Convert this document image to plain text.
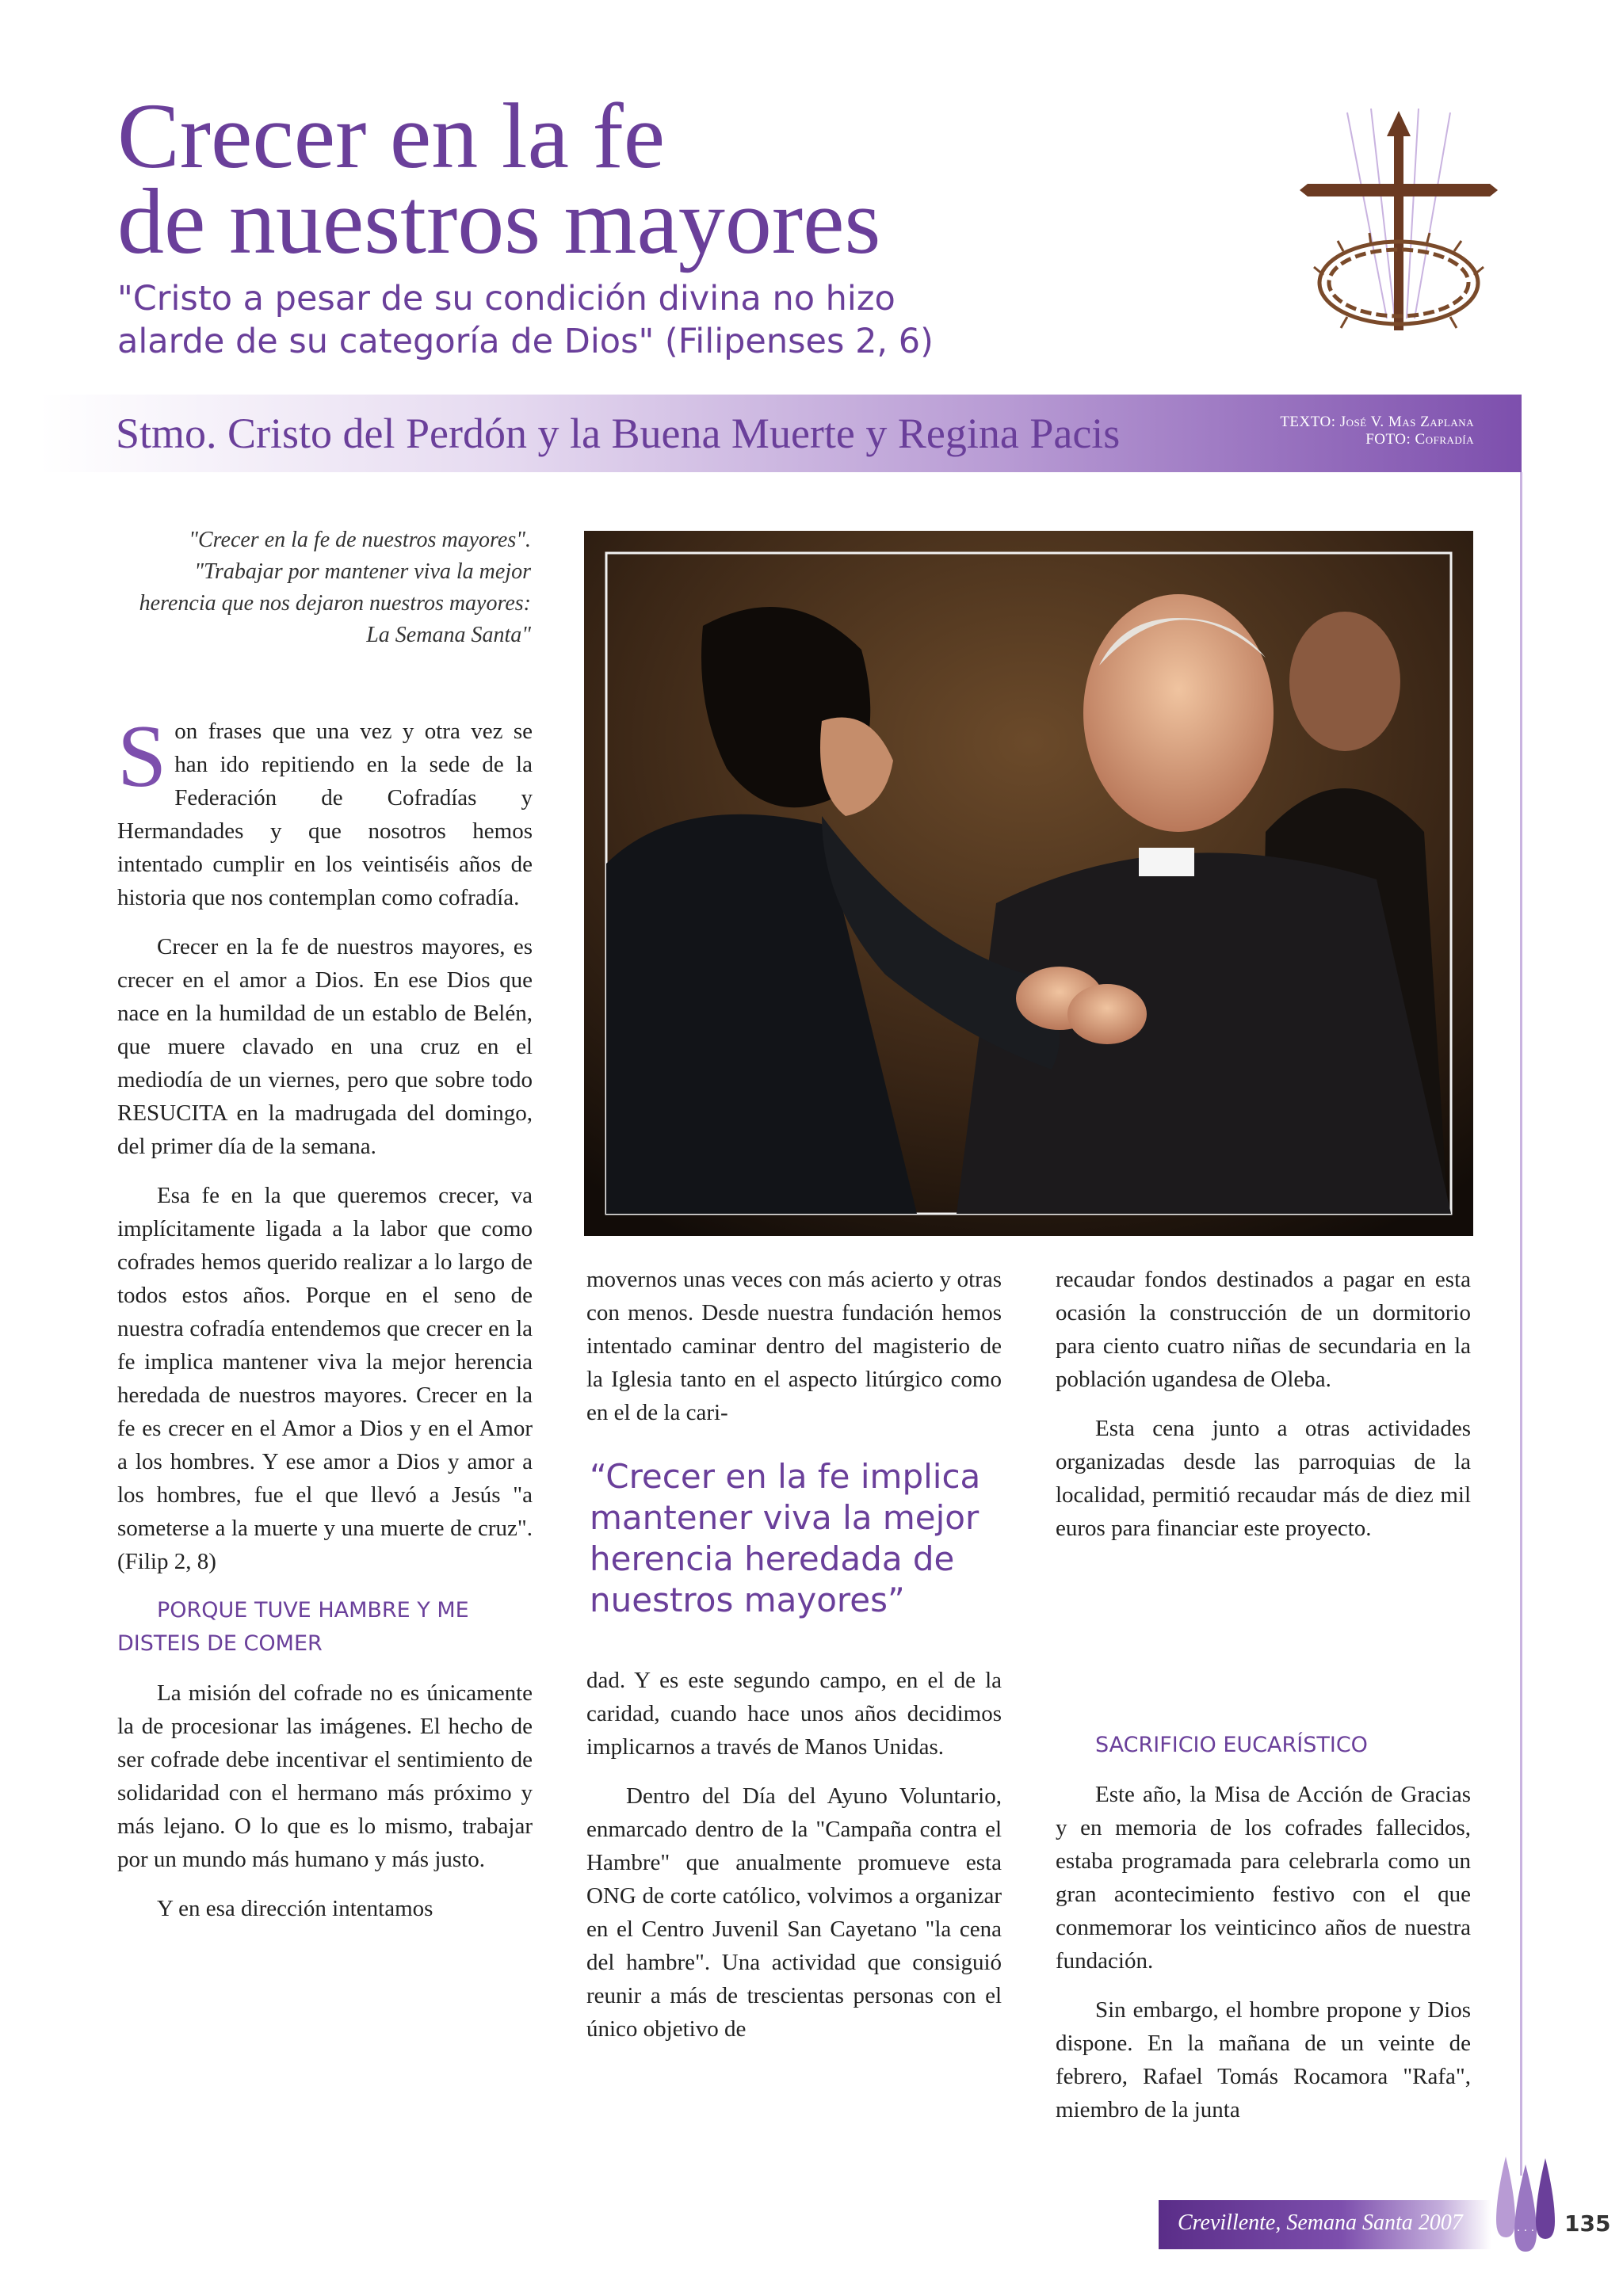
Crecer en la fe
de nuestros mayores
"Cristo a pesar de su condición divina no hizo
alarde de su categoría de Dios" (Filipenses 2, 6)
Stmo. Cristo del Perdón y la Buena Muerte y Regina Pacis	TEXTO: José V. Mas Zaplana
FOTO: Cofradía
"Crecer en la fe de nuestros mayores". "Trabajar por mantener viva la mejor herencia que nos dejaron nuestros mayores: La Semana Santa"

Son frases que una vez y otra vez se han ido repitiendo en la sede de la Federación de Cofradías y Hermandades y que nosotros hemos intentado cumplir en los veintiséis años de historia que nos contemplan como cofradía.

Crecer en la fe de nuestros mayores, es crecer en el amor a Dios. En ese Dios que nace en la humildad de un establo de Belén, que muere clavado en una cruz en el mediodía de un viernes, pero que sobre todo RESUCITA en la madrugada del domingo, del primer día de la semana.

Esa fe en la que queremos crecer, va implícitamente ligada a la labor que como cofrades hemos querido realizar a lo largo de todos estos años. Porque en el seno de nuestra cofradía entendemos que crecer en la fe implica mantener viva la mejor herencia heredada de nuestros mayores. Crecer en la fe es crecer en el Amor a Dios y en el Amor a los hombres. Y ese amor a Dios y amor a los hombres, fue el que llevó a Jesús "a someterse a la muerte y una muerte de cruz". (Filip 2, 8)

PORQUE TUVE HAMBRE Y ME DISTEIS DE COMER

La misión del cofrade no es únicamente la de procesionar las imágenes. El hecho de ser cofrade debe incentivar el sentimiento de solidaridad con el hermano más próximo y más lejano. O lo que es lo mismo, trabajar por un mundo más humano y más justo.

Y en esa dirección intentamos

movernos unas veces con más acierto y otras con menos. Desde nuestra fundación hemos intentado caminar dentro del magisterio de la Iglesia tanto en el aspecto litúrgico como en el de la cari-

“Crecer en la fe implica mantener viva la mejor herencia heredada de nuestros mayores”

dad. Y es este segundo campo, en el de la caridad, cuando hace unos años decidimos implicarnos a través de Manos Unidas.

Dentro del Día del Ayuno Voluntario, enmarcado dentro de la "Campaña contra el Hambre" que anualmente promueve esta ONG de corte católico, volvimos a organizar en el Centro Juvenil San Cayetano "la cena del hambre". Una actividad que consiguió reunir a más de trescientas personas con el único objetivo de

recaudar fondos destinados a pagar en esta ocasión la construcción de un dormitorio para ciento cuatro niñas de secundaria en la población ugandesa de Oleba.

Esta cena junto a otras actividades organizadas desde las parroquias de la localidad, permitió recaudar más de diez mil euros para financiar este proyecto.

SACRIFICIO EUCARÍSTICO

Este año, la Misa de Acción de Gracias y en memoria de los cofrades fallecidos, estaba programada para celebrarla como un gran acontecimiento festivo con el que conmemorar los veinticinco años de nuestra fundación.

Sin embargo, el hombre propone y Dios dispone. En la mañana de un veinte de febrero, Rafael Tomás Rocamora "Rafa", miembro de la junta

Crevillente, Semana Santa 2007	· · · 135
